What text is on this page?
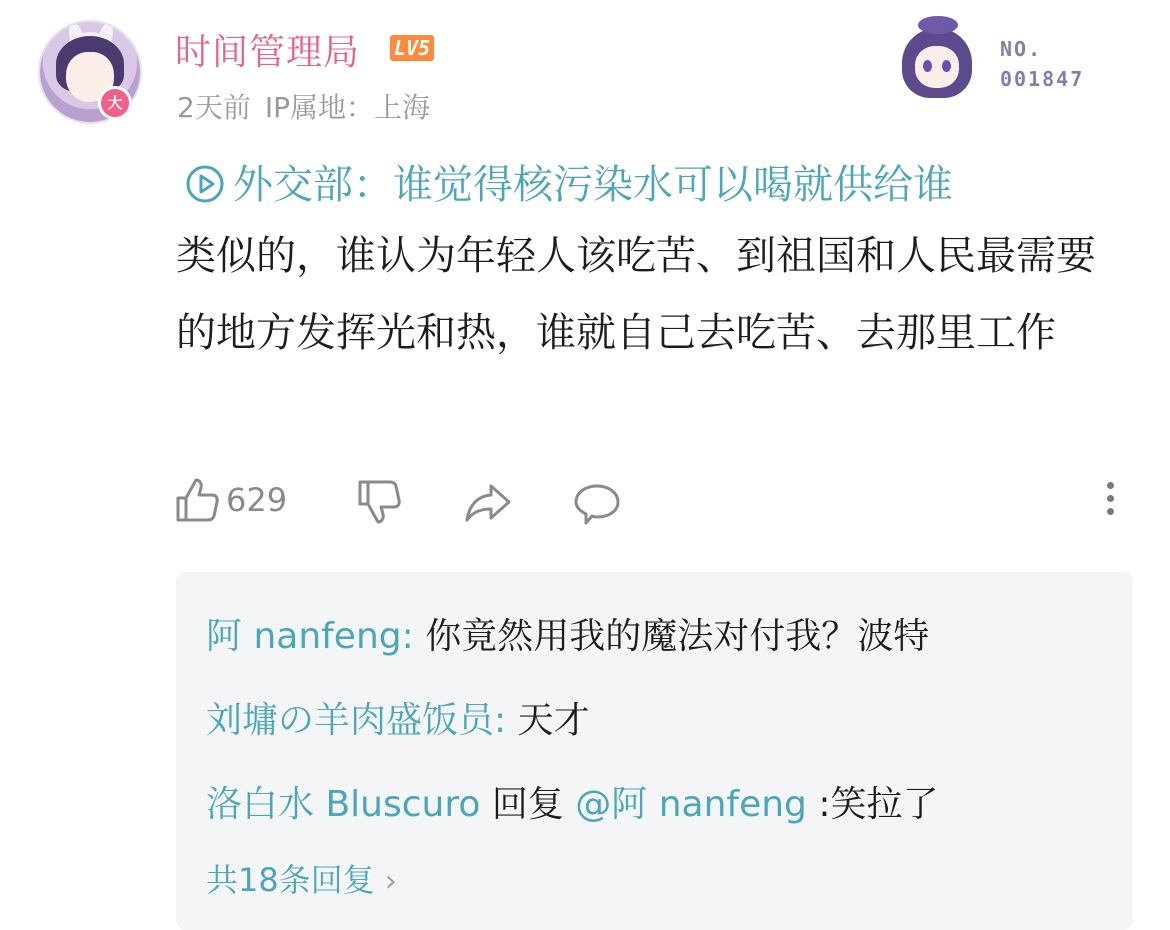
大
时间管理局 LV5
2天前 IP属地：上海
NO.
001847
外交部：谁觉得核污染水可以喝就供给谁
类似的，谁认为年轻人该吃苦、到祖国和人民最需要的地方发挥光和热，谁就自己去吃苦、去那里工作
629
阿 nanfeng: 你竟然用我的魔法对付我？波特
刘墉の羊肉盛饭员: 天才
洛白水 Bluscuro 回复 @阿 nanfeng :笑拉了
共18条回复 ›
